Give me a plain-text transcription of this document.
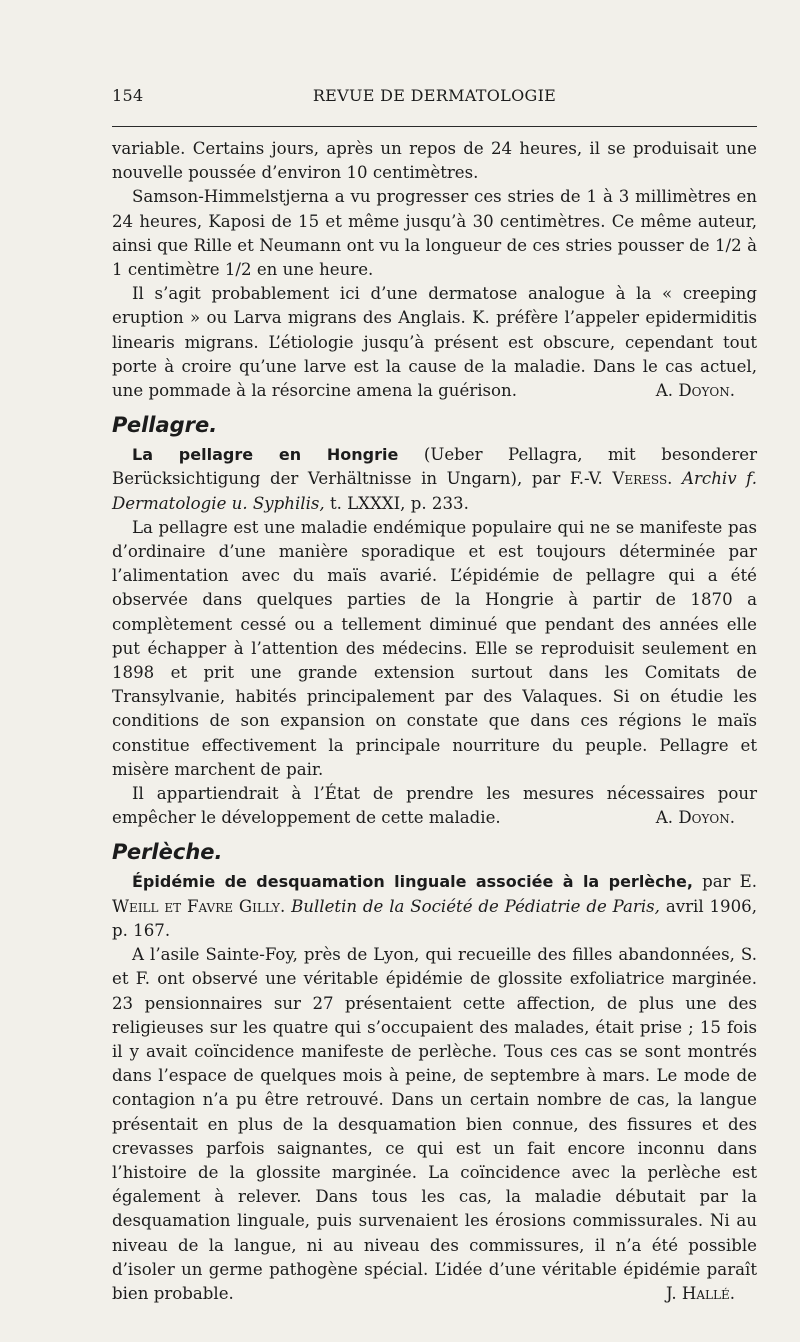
154	REVUE DE DERMATOLOGIE

variable. Certains jours, après un repos de 24 heures, il se produisait une nouvelle poussée d’environ 10 centimètres.

Samson-Himmelstjerna a vu progresser ces stries de 1 à 3 millimètres en 24 heures, Kaposi de 15 et même jusqu’à 30 centimètres. Ce même auteur, ainsi que Rille et Neumann ont vu la longueur de ces stries pousser de 1/2 à 1 centimètre 1/2 en une heure.

Il s’agit probablement ici d’une dermatose analogue à la « creeping eruption » ou Larva migrans des Anglais. K. préfère l’appeler epidermiditis linearis migrans. L’étiologie jusqu’à présent est obscure, cependant tout porte à croire qu’une larve est la cause de la maladie. Dans le cas actuel, une pommade à la résorcine amena la guérison.	A. Doyon.

Pellagre.

La pellagre en Hongrie (Ueber Pellagra, mit besonderer Berücksichtigung der Verhältnisse in Ungarn), par F.-V. Veress. Archiv f. Dermatologie u. Syphilis, t. LXXXI, p. 233.

La pellagre est une maladie endémique populaire qui ne se manifeste pas d’ordinaire d’une manière sporadique et est toujours déterminée par l’alimentation avec du maïs avarié. L’épidémie de pellagre qui a été observée dans quelques parties de la Hongrie à partir de 1870 a complètement cessé ou a tellement diminué que pendant des années elle put échapper à l’attention des médecins. Elle se reproduisit seulement en 1898 et prit une grande extension surtout dans les Comitats de Transylvanie, habités principalement par des Valaques. Si on étudie les conditions de son expansion on constate que dans ces régions le maïs constitue effectivement la principale nourriture du peuple. Pellagre et misère marchent de pair.

Il appartiendrait à l’État de prendre les mesures nécessaires pour empêcher le développement de cette maladie.	A. Doyon.

Perlèche.

Épidémie de desquamation linguale associée à la perlèche, par E. Weill et Favre Gilly. Bulletin de la Société de Pédiatrie de Paris, avril 1906, p. 167.

A l’asile Sainte-Foy, près de Lyon, qui recueille des filles abandonnées, S. et F. ont observé une véritable épidémie de glossite exfoliatrice marginée. 23 pensionnaires sur 27 présentaient cette affection, de plus une des religieuses sur les quatre qui s’occupaient des malades, était prise ; 15 fois il y avait coïncidence manifeste de perlèche. Tous ces cas se sont montrés dans l’espace de quelques mois à peine, de septembre à mars. Le mode de contagion n’a pu être retrouvé. Dans un certain nombre de cas, la langue présentait en plus de la desquamation bien connue, des fissures et des crevasses parfois saignantes, ce qui est un fait encore inconnu dans l’histoire de la glossite marginée. La coïncidence avec la perlèche est également à relever. Dans tous les cas, la maladie débutait par la desquamation linguale, puis survenaient les érosions commissurales. Ni au niveau de la langue, ni au niveau des commissures, il n’a été possible d’isoler un germe pathogène spécial. L’idée d’une véritable épidémie paraît bien probable.	J. Hallé.
